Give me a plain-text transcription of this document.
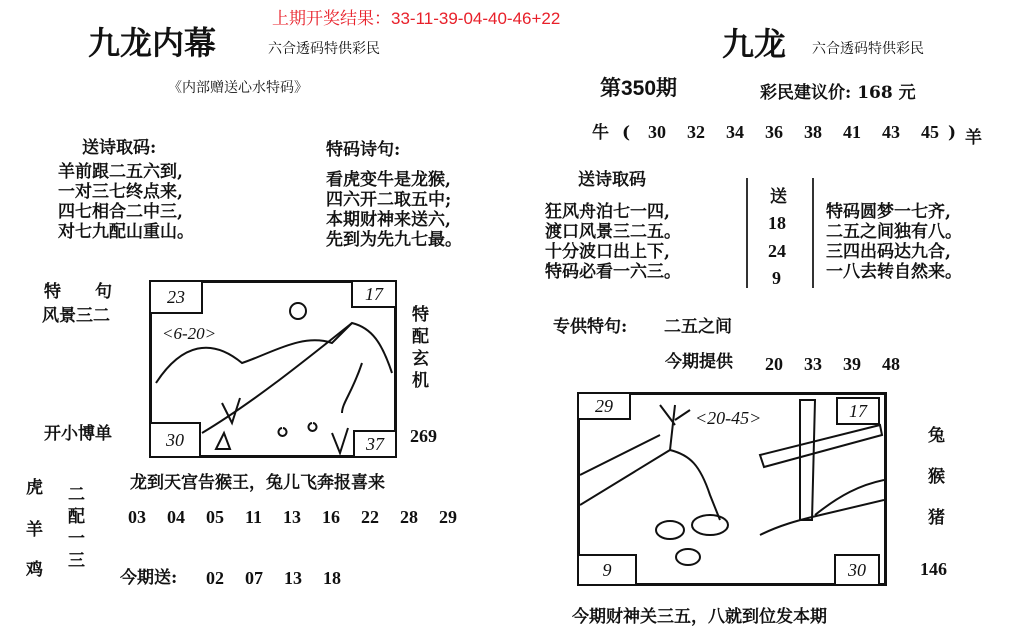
上期开奖结果：33-11-39-04-40-46+22
九龙内幕	六合透码特供彩民
《内部赠送心水特码》
送诗取码:
羊前跟二五六到,
一对三七终点来,
四七相合二中三,
对七九配山重山。
特码诗句:
看虎变牛是龙猴,
四六开二取五中;
本期财神来送六,
先到为先九七最。
特　　句
风景三二
开小博单
<6-20>
23	17
30	37
特配玄机
269
虎
羊
鸡
二
配
一
三
龙到天宫告猴王，兔儿飞奔报喜来
03  04  05  11  13  16  22  28  29
今期送: 02  07  13  18
九龙 六合透码特供彩民
第350期	彩民建议价: 168 元
牛 ( 30  32  34  36  38  41  43  45 ) 羊
送诗取码
狂风舟泊七一四,
渡口风景三二五。
十分波口出上下,
特码必看一六三。
送
18
24
9
特码圆梦一七齐,
二五之间独有八。
三四出码达九合,
一八去转自然来。
专供特句: 二五之间
今期提供 20  33  39  48
<20-45>
29	17
9	30
兔
猴
猪
146
今期财神关三五，八就到位发本期
